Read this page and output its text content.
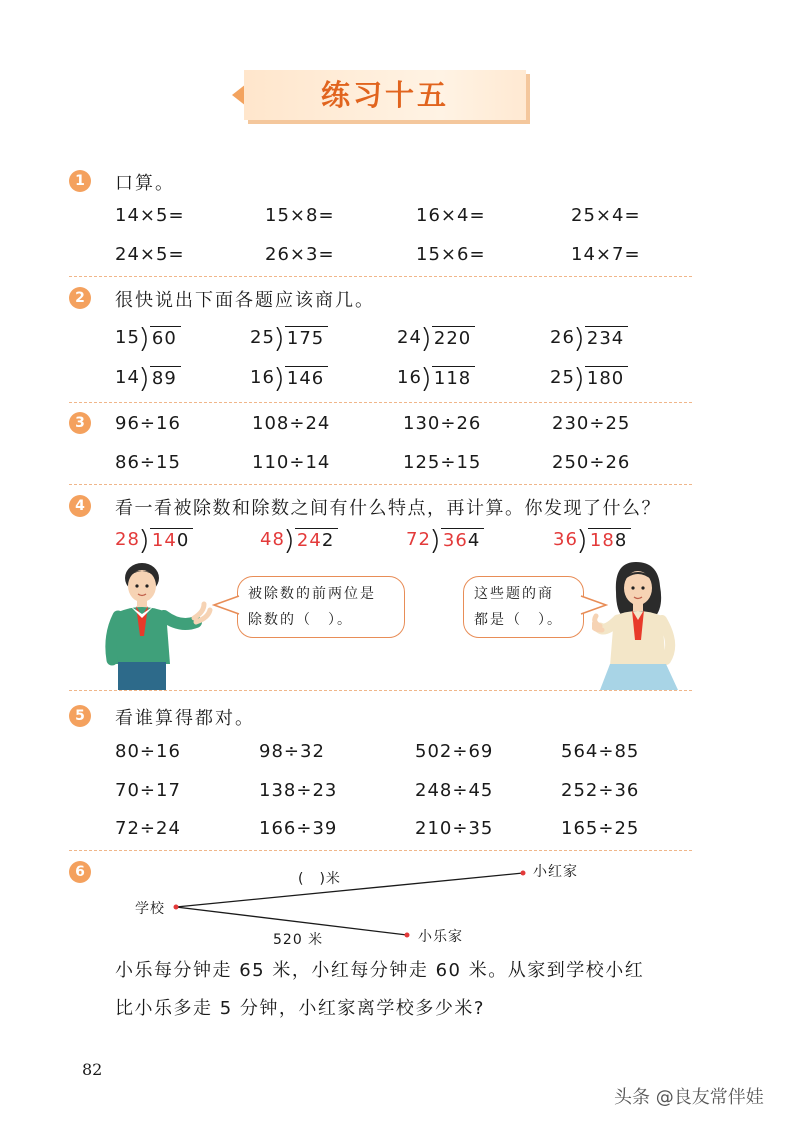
练习十五
1	口算。
14×5=	15×8=	16×4=	25×4=
24×5=	26×3=	15×6=	14×7=
2	很快说出下面各题应该商几。
15 60	25 175	24 220	26 234
14 89	16 146	16 118	25 180
3	96÷16	108÷24	130÷26	230÷25
86÷15	110÷14	125÷15	250÷26
4	看一看被除数和除数之间有什么特点，再计算。你发现了什么？
28 140	48 242	72 364	36 188
被除数的前两位是
除数的（　）。
这些题的商
都是（　）。
5	看谁算得都对。
80÷16	98÷32	502÷69	564÷85
70÷17	138÷23	248÷45	252÷36
72÷24	166÷39	210÷35	165÷25
6
学校
小红家
小乐家
(　)米
520 米
小乐每分钟走 65 米，小红每分钟走 60 米。从家到学校小红
比小乐多走 5 分钟，小红家离学校多少米?
82
头条 @良友常伴娃
